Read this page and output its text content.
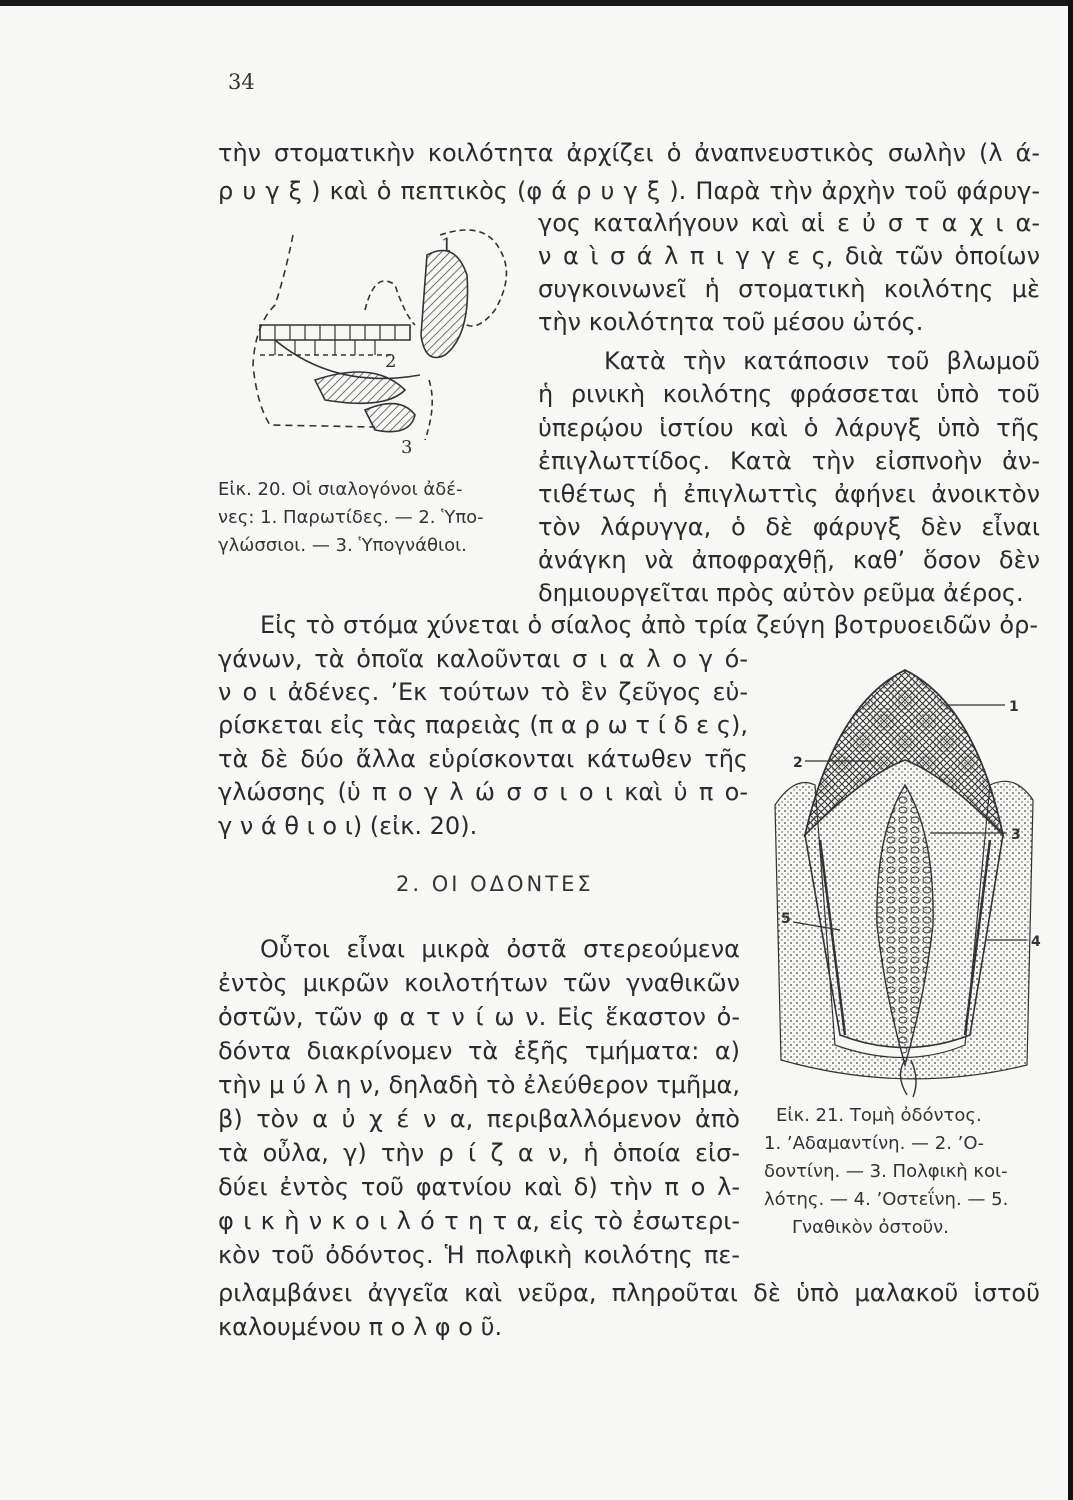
34
τὴν στοματικὴν κοιλότητα ἀρχίζει ὁ ἀναπνευστικὸς σωλὴν (λ ά-
ρ υ γ ξ ) καὶ ὁ πεπτικὸς (φ ά ρ υ γ ξ ). Παρὰ τὴν ἀρχὴν τοῦ φάρυγ-
γος καταλήγουν καὶ αἱ ε ὐ σ τ α χ ι α-
ν α ὶ σ ά λ π ι γ γ ε ς, διὰ τῶν ὁποίων
συγκοινωνεῖ ἡ στοματικὴ κοιλότης μὲ
τὴν κοιλότητα τοῦ μέσου ὠτός.
Κατὰ τὴν κατάποσιν τοῦ βλωμοῦ
ἡ ρινικὴ κοιλότης φράσσεται ὑπὸ τοῦ
ὑπερῴου ἱστίου καὶ ὁ λάρυγξ ὑπὸ τῆς
ἐπιγλωττίδος. Κατὰ τὴν εἰσπνοὴν ἀν-
τιθέτως ἡ ἐπιγλωττὶς ἀφήνει ἀνοικτὸν
τὸν λάρυγγα, ὁ δὲ φάρυγξ δὲν εἶναι
ἀνάγκη νὰ ἀποφραχθῇ, καθ’ ὅσον δὲν
δημιουργεῖται πρὸς αὐτὸν ρεῦμα ἀέρος.
1
2
3
Εἰκ. 20. Οἱ σιαλογόνοι ἀδέ-
νες: 1. Παρωτίδες. — 2. Ὑπο-
γλώσσιοι. — 3. Ὑπογνάθιοι.
Εἰς τὸ στόμα χύνεται ὁ σίαλος ἀπὸ τρία ζεύγη βοτρυοειδῶν ὀρ-
γάνων, τὰ ὁποῖα καλοῦνται σ ι α λ ο γ ό-
ν ο ι ἀδένες. ’Εκ τούτων τὸ ἓν ζεῦγος εὑ-
ρίσκεται εἰς τὰς παρειὰς (π α ρ ω τ ί δ ε ς),
τὰ δὲ δύο ἄλλα εὑρίσκονται κάτωθεν τῆς
γλώσσης (ὑ π ο γ λ ώ σ σ ι ο ι καὶ ὑ π ο-
γ ν ά θ ι ο ι) (εἰκ. 20).
2. ΟΙ ΟΔΟΝΤΕΣ
Οὗτοι εἶναι μικρὰ ὀστᾶ στερεούμενα
ἐντὸς μικρῶν κοιλοτήτων τῶν γναθικῶν
ὀστῶν, τῶν φ α τ ν ί ω ν. Εἰς ἕκαστον ὀ-
δόντα διακρίνομεν τὰ ἑξῆς τμήματα: α)
τὴν μ ύ λ η ν, δηλαδὴ τὸ ἐλεύθερον τμῆμα,
β) τὸν α ὐ χ έ ν α, περιβαλλόμενον ἀπὸ
τὰ οὖλα, γ) τὴν ρ ί ζ α ν, ἡ ὁποία εἰσ-
δύει ἐντὸς τοῦ φατνίου καὶ δ) τὴν π ο λ-
φ ι κ ὴ ν κ ο ι λ ό τ η τ α, εἰς τὸ ἐσωτερι-
κὸν τοῦ ὀδόντος. Ἡ πολφικὴ κοιλότης πε-
ριλαμβάνει ἀγγεῖα καὶ νεῦρα, πληροῦται δὲ ὑπὸ μαλακοῦ ἱστοῦ
καλουμένου π ο λ φ ο ῦ.
1
2
3
4
5
Εἰκ. 21. Τομὴ ὀδόντος.
1. ’Αδαμαντίνη. — 2. ’Ο-
δοντίνη. — 3. Πολφικὴ κοι-
λότης. — 4. ’Οστεΐνη. — 5.
Γναθικὸν ὀστοῦν.
